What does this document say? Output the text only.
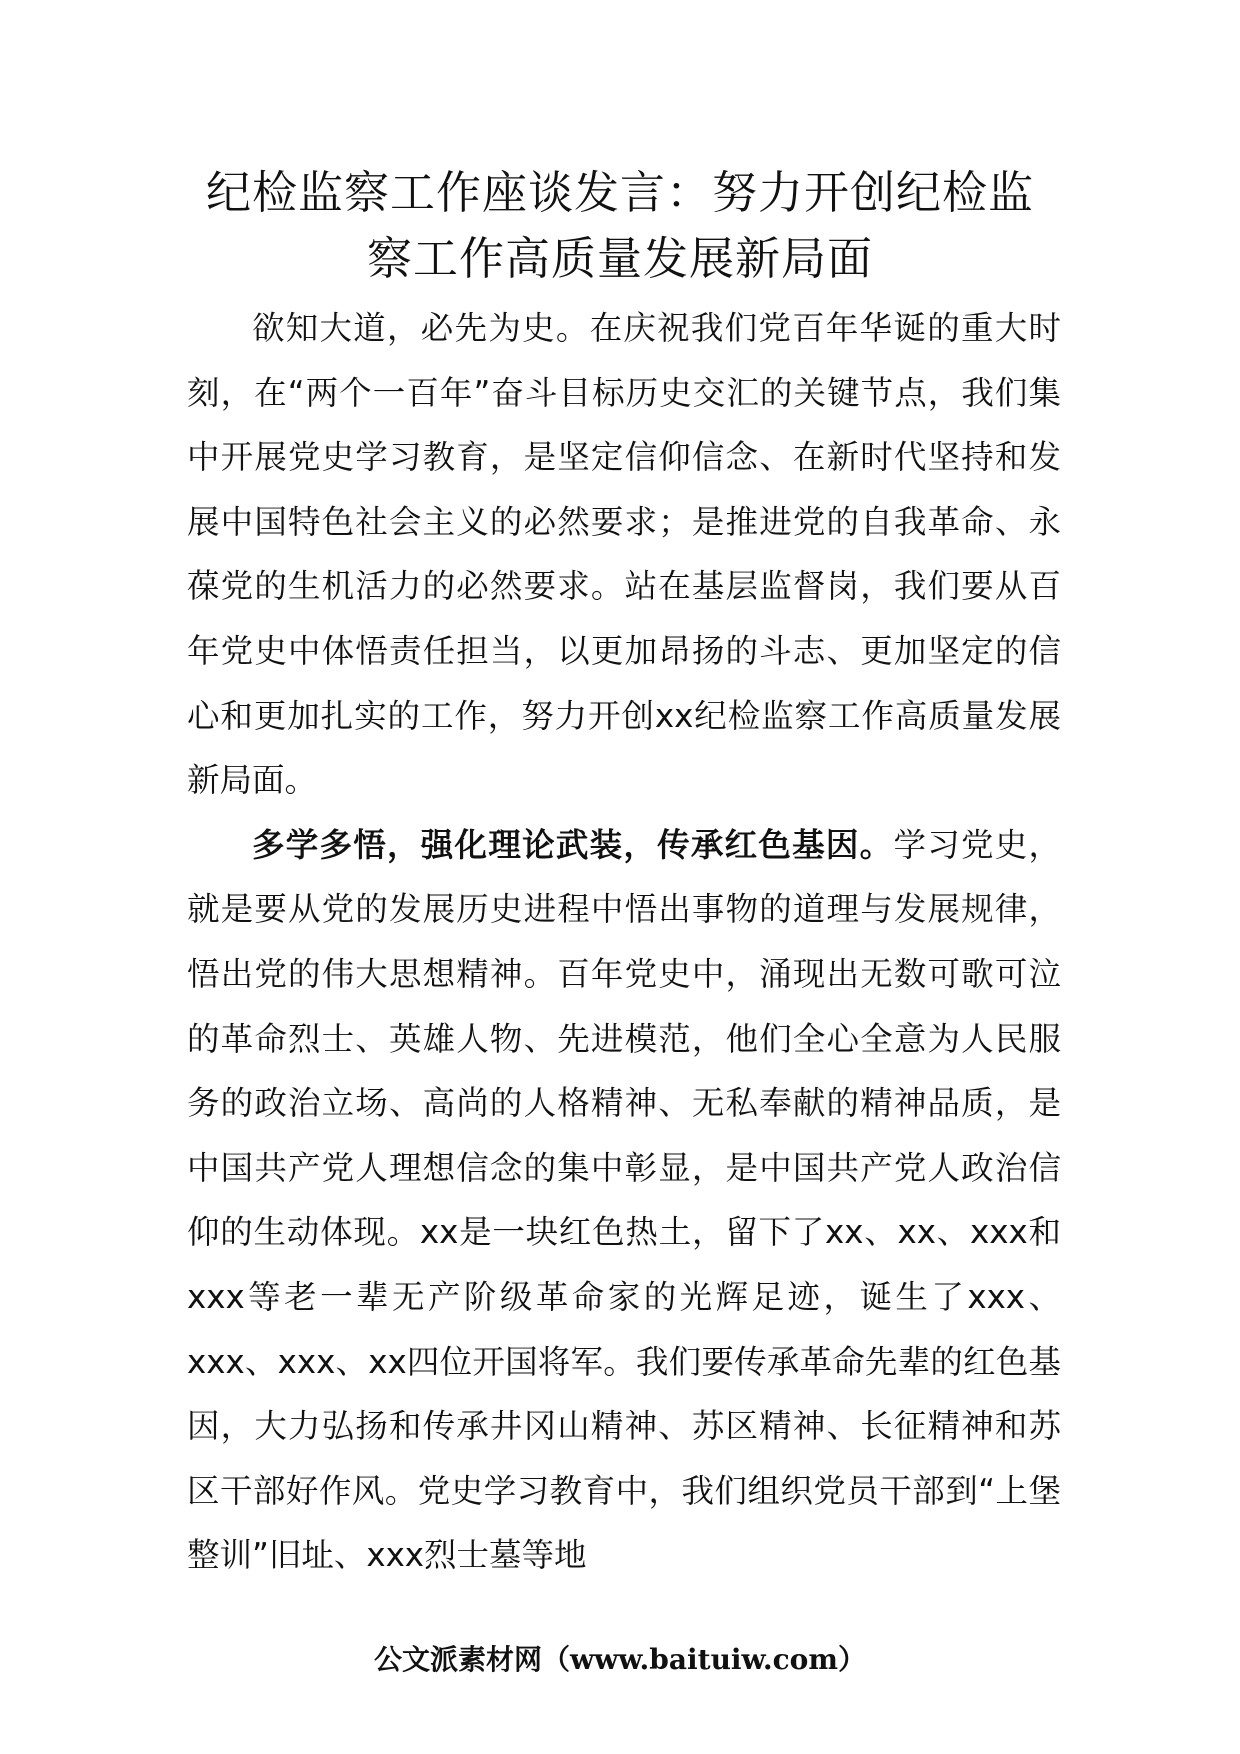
纪检监察工作座谈发言：努力开创纪检监
察工作高质量发展新局面

欲知大道，必先为史。在庆祝我们党百年华诞的重大时刻，在“两个一百年”奋斗目标历史交汇的关键节点，我们集中开展党史学习教育，是坚定信仰信念、在新时代坚持和发展中国特色社会主义的必然要求；是推进党的自我革命、永葆党的生机活力的必然要求。站在基层监督岗，我们要从百年党史中体悟责任担当，以更加昂扬的斗志、更加坚定的信心和更加扎实的工作，努力开创xx纪检监察工作高质量发展新局面。

多学多悟，强化理论武装，传承红色基因。学习党史，就是要从党的发展历史进程中悟出事物的道理与发展规律，悟出党的伟大思想精神。百年党史中，涌现出无数可歌可泣的革命烈士、英雄人物、先进模范，他们全心全意为人民服务的政治立场、高尚的人格精神、无私奉献的精神品质，是中国共产党人理想信念的集中彰显，是中国共产党人政治信仰的生动体现。xx是一块红色热土，留下了xx、xx、xxx和xxx等老一辈无产阶级革命家的光辉足迹，诞生了xxx、xxx、xxx、xx四位开国将军。我们要传承革命先辈的红色基因，大力弘扬和传承井冈山精神、苏区精神、长征精神和苏区干部好作风。党史学习教育中，我们组织党员干部到“上堡整训”旧址、xxx烈士墓等地

公文派素材网（www.baituiw.com）
